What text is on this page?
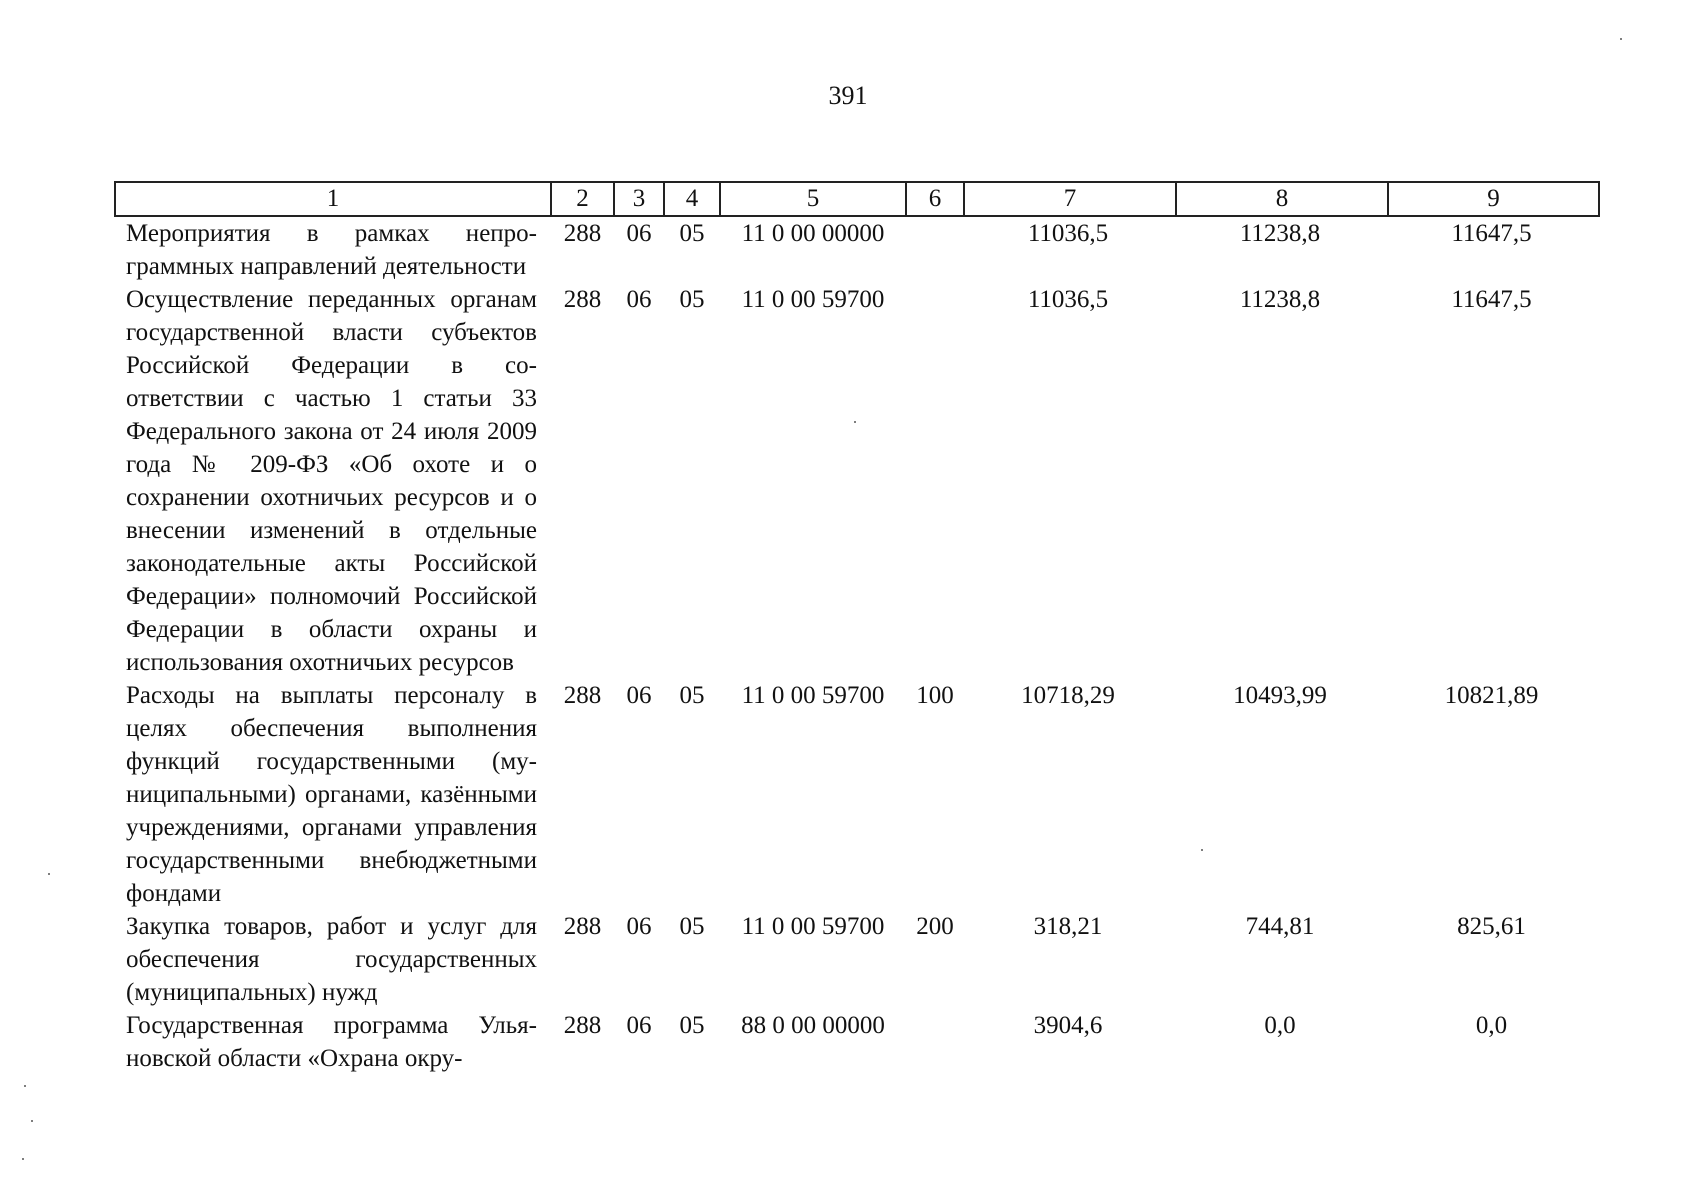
391
1	2	3	4	5	6	7	8	9
Мероприятия в рамках непрограммных направлений деятельности	288	06	05	11 0 00 00000		11036,5	11238,8	11647,5
Осуществление переданных органам государственной власти субъектов Российской Федерации в соответствии с частью 1 статьи 33 Федерального закона от 24 июля 2009 года № 209-ФЗ «Об охоте и о сохранении охотничьих ресурсов и о внесении изменений в отдельные законодательные акты Российской Федерации» полномочий Российской Федерации в области охраны и использования охотничьих ресурсов	288	06	05	11 0 00 59700		11036,5	11238,8	11647,5
Расходы на выплаты персоналу в целях обеспечения выполнения функций государственными (муниципальными) органами, казёнными учреждениями, органами управления государственными внебюджетными фондами	288	06	05	11 0 00 59700	100	10718,29	10493,99	10821,89
Закупка товаров, работ и услуг для обеспечения государственных (муниципальных) нужд	288	06	05	11 0 00 59700	200	318,21	744,81	825,61
Государственная программа Ульяновской области «Охрана окру-	288	06	05	88 0 00 00000		3904,6	0,0	0,0
